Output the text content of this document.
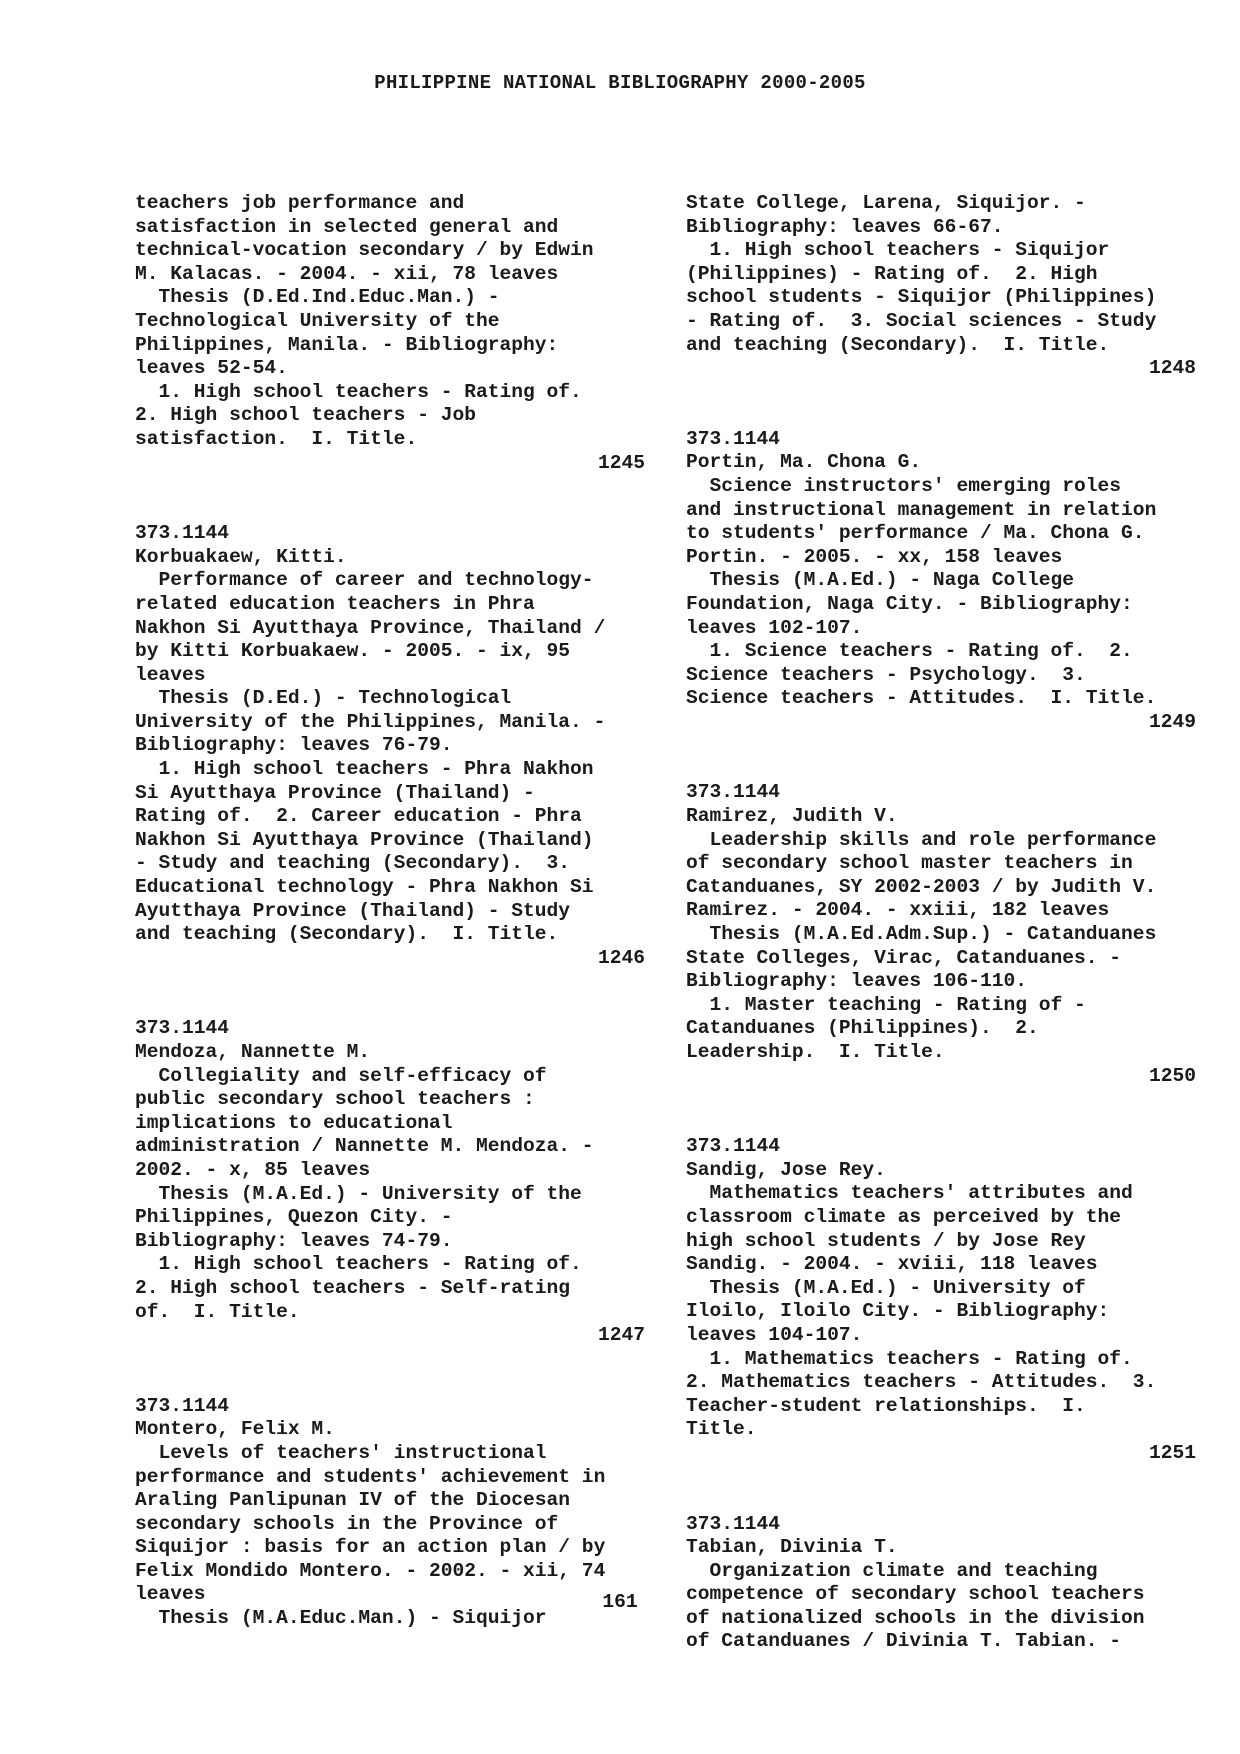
PHILIPPINE NATIONAL BIBLIOGRAPHY 2000-2005
teachers job performance and
satisfaction in selected general and
technical-vocation secondary / by Edwin
M. Kalacas. - 2004. - xii, 78 leaves
Thesis (D.Ed.Ind.Educ.Man.) -
Technological University of the
Philippines, Manila. - Bibliography:
leaves 52-54.
1. High school teachers - Rating of.
2. High school teachers - Job
satisfaction.  I. Title.
1245
373.1144
Korbuakaew, Kitti.
Performance of career and technology-
related education teachers in Phra
Nakhon Si Ayutthaya Province, Thailand /
by Kitti Korbuakaew. - 2005. - ix, 95
leaves
Thesis (D.Ed.) - Technological
University of the Philippines, Manila. -
Bibliography: leaves 76-79.
1. High school teachers - Phra Nakhon
Si Ayutthaya Province (Thailand) -
Rating of.  2. Career education - Phra
Nakhon Si Ayutthaya Province (Thailand)
- Study and teaching (Secondary).  3.
Educational technology - Phra Nakhon Si
Ayutthaya Province (Thailand) - Study
and teaching (Secondary).  I. Title.
1246
373.1144
Mendoza, Nannette M.
Collegiality and self-efficacy of
public secondary school teachers :
implications to educational
administration / Nannette M. Mendoza. -
2002. - x, 85 leaves
Thesis (M.A.Ed.) - University of the
Philippines, Quezon City. -
Bibliography: leaves 74-79.
1. High school teachers - Rating of.
2. High school teachers - Self-rating
of.  I. Title.
1247
373.1144
Montero, Felix M.
Levels of teachers' instructional
performance and students' achievement in
Araling Panlipunan IV of the Diocesan
secondary schools in the Province of
Siquijor : basis for an action plan / by
Felix Mondido Montero. - 2002. - xii, 74
leaves
Thesis (M.A.Educ.Man.) - Siquijor
State College, Larena, Siquijor. -
Bibliography: leaves 66-67.
1. High school teachers - Siquijor
(Philippines) - Rating of.  2. High
school students - Siquijor (Philippines)
- Rating of.  3. Social sciences - Study
and teaching (Secondary).  I. Title.
1248
373.1144
Portin, Ma. Chona G.
Science instructors' emerging roles
and instructional management in relation
to students' performance / Ma. Chona G.
Portin. - 2005. - xx, 158 leaves
Thesis (M.A.Ed.) - Naga College
Foundation, Naga City. - Bibliography:
leaves 102-107.
1. Science teachers - Rating of.  2.
Science teachers - Psychology.  3.
Science teachers - Attitudes.  I. Title.
1249
373.1144
Ramirez, Judith V.
Leadership skills and role performance
of secondary school master teachers in
Catanduanes, SY 2002-2003 / by Judith V.
Ramirez. - 2004. - xxiii, 182 leaves
Thesis (M.A.Ed.Adm.Sup.) - Catanduanes
State Colleges, Virac, Catanduanes. -
Bibliography: leaves 106-110.
1. Master teaching - Rating of -
Catanduanes (Philippines).  2.
Leadership.  I. Title.
1250
373.1144
Sandig, Jose Rey.
Mathematics teachers' attributes and
classroom climate as perceived by the
high school students / by Jose Rey
Sandig. - 2004. - xviii, 118 leaves
Thesis (M.A.Ed.) - University of
Iloilo, Iloilo City. - Bibliography:
leaves 104-107.
1. Mathematics teachers - Rating of.
2. Mathematics teachers - Attitudes.  3.
Teacher-student relationships.  I.
Title.
1251
373.1144
Tabian, Divinia T.
Organization climate and teaching
competence of secondary school teachers
of nationalized schools in the division
of Catanduanes / Divinia T. Tabian. -
161
